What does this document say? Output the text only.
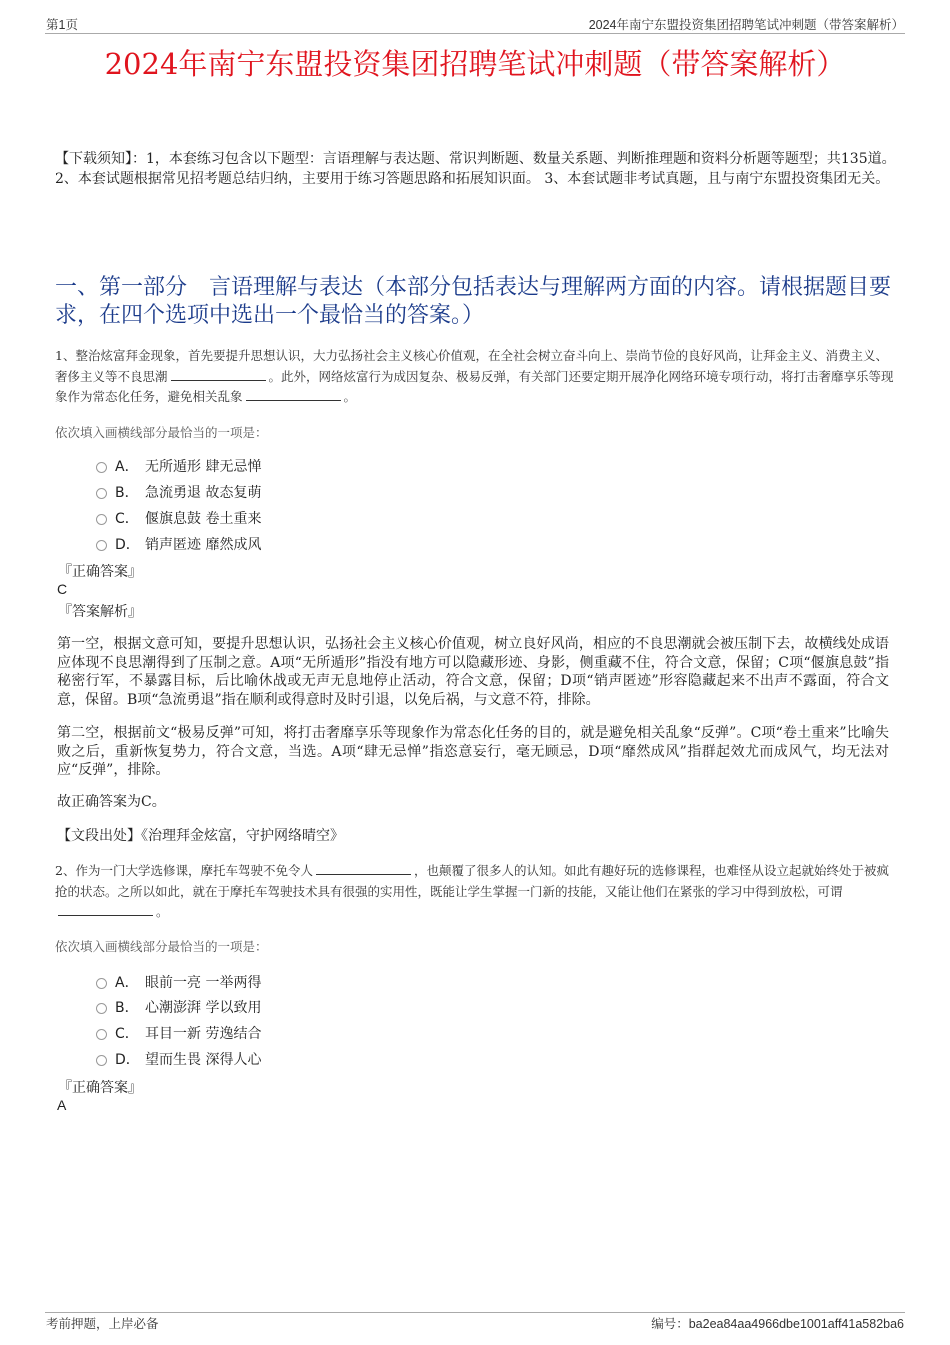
第1页	2024年南宁东盟投资集团招聘笔试冲刺题（带答案解析）
2024年南宁东盟投资集团招聘笔试冲刺题（带答案解析）
【下载须知】：1，本套练习包含以下题型：言语理解与表达题、常识判断题、数量关系题、判断推理题和资料分析题等题型；共135道。 2、本套试题根据常见招考题总结归纳，主要用于练习答题思路和拓展知识面。 3、本套试题非考试真题，且与南宁东盟投资集团无关。
一、第一部分　言语理解与表达（本部分包括表达与理解两方面的内容。请根据题目要求，在四个选项中选出一个最恰当的答案。）
1、整治炫富拜金现象，首先要提升思想认识，大力弘扬社会主义核心价值观，在全社会树立奋斗向上、崇尚节俭的良好风尚，让拜金主义、消费主义、奢侈主义等不良思潮	。此外，网络炫富行为成因复杂、极易反弹，有关部门还要定期开展净化网络环境专项行动，将打击奢靡享乐等现象作为常态化任务，避免相关乱象	。
依次填入画横线部分最恰当的一项是：
A． 无所遁形 肆无忌惮
B． 急流勇退 故态复萌
C． 偃旗息鼓 卷土重来
D． 销声匿迹 靡然成风
『正确答案』
C
『答案解析』
第一空，根据文意可知，要提升思想认识，弘扬社会主义核心价值观，树立良好风尚，相应的不良思潮就会被压制下去，故横线处成语应体现不良思潮得到了压制之意。A项“无所遁形”指没有地方可以隐藏形迹、身影，侧重藏不住，符合文意，保留；C项“偃旗息鼓”指秘密行军，不暴露目标，后比喻休战或无声无息地停止活动，符合文意，保留；D项“销声匿迹”形容隐藏起来不出声不露面，符合文意，保留。B项“急流勇退”指在顺利或得意时及时引退，以免后祸，与文意不符，排除。
第二空，根据前文“极易反弹”可知，将打击奢靡享乐等现象作为常态化任务的目的，就是避免相关乱象“反弹”。C项“卷土重来”比喻失败之后，重新恢复势力，符合文意，当选。A项“肆无忌惮”指恣意妄行，毫无顾忌，D项“靡然成风”指群起效尤而成风气，均无法对应“反弹”，排除。
故正确答案为C。
【文段出处】《治理拜金炫富，守护网络晴空》
2、作为一门大学选修课，摩托车驾驶不免令人	，也颠覆了很多人的认知。如此有趣好玩的选修课程，也难怪从设立起就始终处于被疯抢的状态。之所以如此，就在于摩托车驾驶技术具有很强的实用性，既能让学生掌握一门新的技能，又能让他们在紧张的学习中得到放松，可谓。
依次填入画横线部分最恰当的一项是：
A． 眼前一亮 一举两得
B． 心潮澎湃 学以致用
C． 耳目一新 劳逸结合
D． 望而生畏 深得人心
『正确答案』
A
考前押题，上岸必备	编号：ba2ea84aa4966dbe1001aff41a582ba6
